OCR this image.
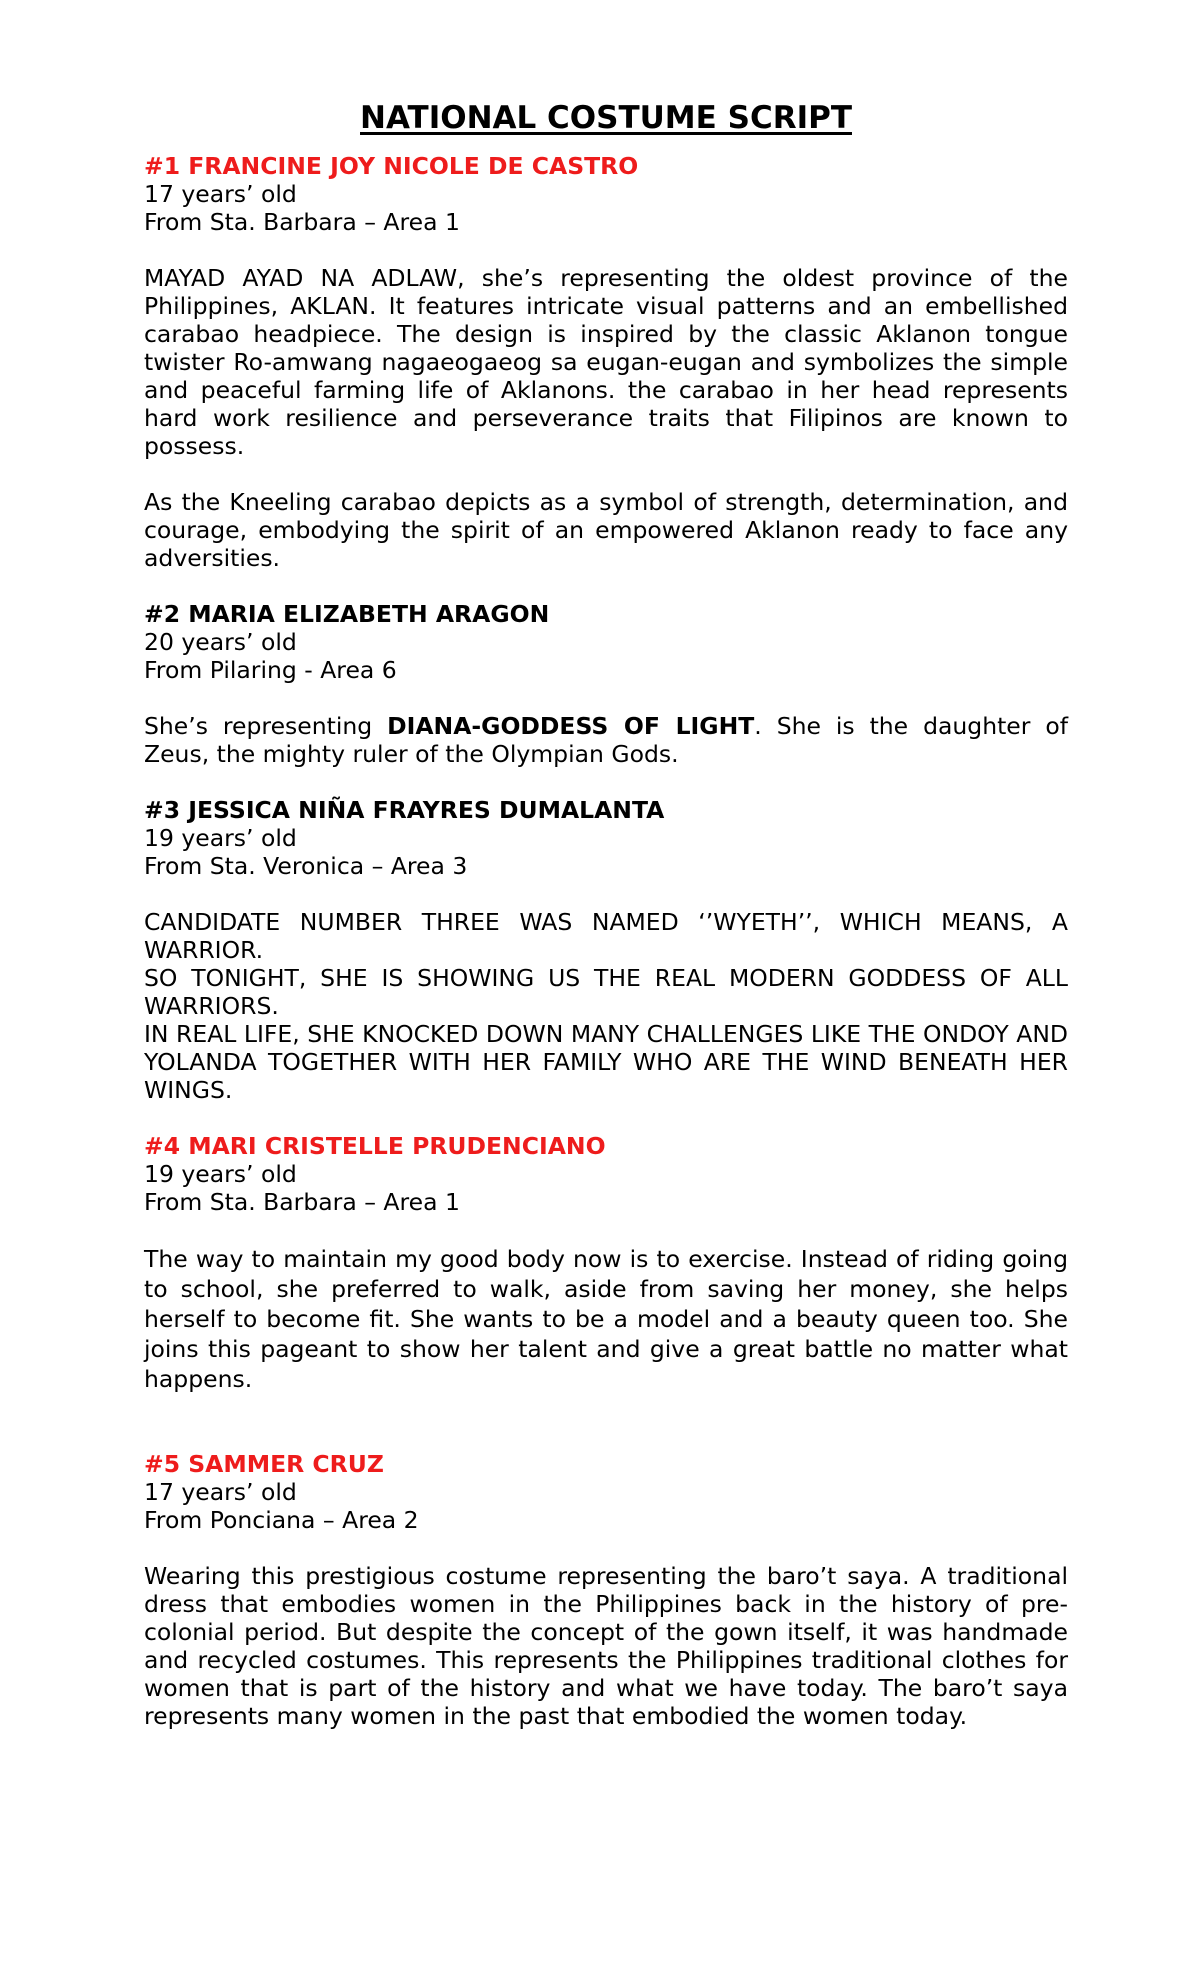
NATIONAL COSTUME SCRIPT

#1 FRANCINE JOY NICOLE DE CASTRO

17 years’ old

From Sta. Barbara – Area 1

MAYAD AYAD NA ADLAW, she’s representing the oldest province of the Philippines, AKLAN. It features intricate visual patterns and an embellished carabao headpiece. The design is inspired by the classic Aklanon tongue twister Ro-amwang nagaeogaeog sa eugan-eugan and symbolizes the simple and peaceful farming life of Aklanons. the carabao in her head represents hard work resilience and perseverance traits that Filipinos are known to possess.

As the Kneeling carabao depicts as a symbol of strength, determination, and courage, embodying the spirit of an empowered Aklanon ready to face any adversities.

#2 MARIA ELIZABETH ARAGON

20 years’ old

From Pilaring - Area 6

She’s representing DIANA-GODDESS OF LIGHT. She is the daughter of Zeus, the mighty ruler of the Olympian Gods.

#3 JESSICA NIÑA FRAYRES DUMALANTA

19 years’ old

From Sta. Veronica – Area 3

CANDIDATE NUMBER THREE WAS NAMED ‘’WYETH’’, WHICH MEANS, A WARRIOR.

SO TONIGHT, SHE IS SHOWING US THE REAL MODERN GODDESS OF ALL WARRIORS.

IN REAL LIFE, SHE KNOCKED DOWN MANY CHALLENGES LIKE THE ONDOY AND YOLANDA TOGETHER WITH HER FAMILY WHO ARE THE WIND BENEATH HER WINGS.

#4 MARI CRISTELLE PRUDENCIANO

19 years’ old

From Sta. Barbara – Area 1

The way to maintain my good body now is to exercise. Instead of riding going to school, she preferred to walk, aside from saving her money, she helps herself to become fit. She wants to be a model and a beauty queen too. She joins this pageant to show her talent and give a great battle no matter what happens.

#5 SAMMER CRUZ

17 years’ old

From Ponciana – Area 2

Wearing this prestigious costume representing the baro’t saya. A traditional dress that embodies women in the Philippines back in the history of pre-colonial period. But despite the concept of the gown itself, it was handmade and recycled costumes. This represents the Philippines traditional clothes for women that is part of the history and what we have today. The baro’t saya represents many women in the past that embodied the women today.
